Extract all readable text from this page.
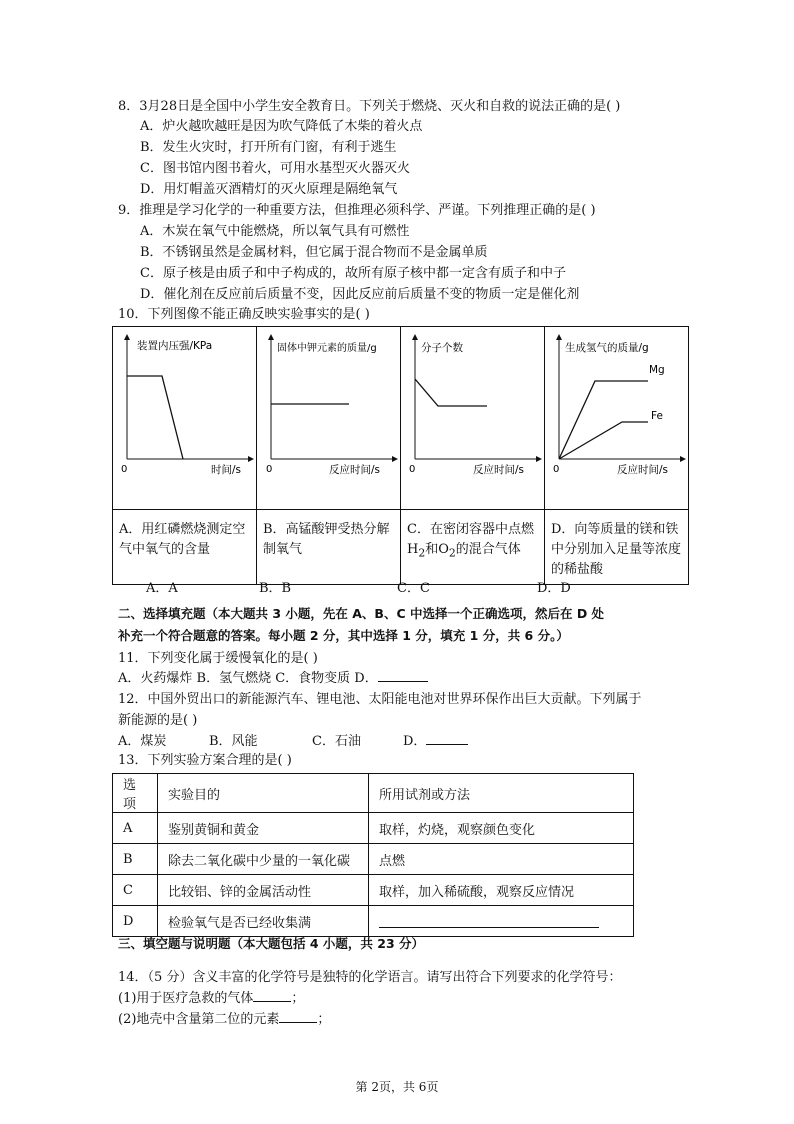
8．3月28日是全国中小学生安全教育日。下列关于燃烧、灭火和自救的说法正确的是( )
A．炉火越吹越旺是因为吹气降低了木柴的着火点
B．发生火灾时，打开所有门窗，有利于逃生
C．图书馆内图书着火，可用水基型灭火器灭火
D．用灯帽盖灭酒精灯的灭火原理是隔绝氧气
9．推理是学习化学的一种重要方法，但推理必须科学、严谨。下列推理正确的是( )
A．木炭在氧气中能燃烧，所以氧气具有可燃性
B．不锈钢虽然是金属材料，但它属于混合物而不是金属单质
C．原子核是由质子和中子构成的，故所有原子核中都一定含有质子和中子
D．催化剂在反应前后质量不变，因此反应前后质量不变的物质一定是催化剂
10．下列图像不能正确反映实验事实的是( )
装置内压强/KPa
0 时间/s	固体中钾元素的质量/g
0 反应时间/s	分子个数
0 反应时间/s	生成氢气的质量/g
Mg
Fe
0 反应时间/s

A．用红磷燃烧测定空气中氧气的含量	B．高锰酸钾受热分解制氧气	C．在密闭容器中点燃$H_2$和$O_2$的混合气体	D．向等质量的镁和铁中分别加入足量等浓度的稀盐酸
A．A	B．B	C．C	D．D
二、选择填充题（本大题共 3 小题，先在 A、B、C 中选择一个正确选项，然后在 D 处
补充一个符合题意的答案。每小题 2 分，其中选择 1 分，填充 1 分，共 6 分。）
11．下列变化属于缓慢氧化的是( )
A．火药爆炸 B．氢气燃烧 C．食物变质 D．
12．中国外贸出口的新能源汽车、锂电池、太阳能电池对世界环保作出巨大贡献。下列属于
新能源的是( )
A．煤炭	B．风能	C．石油	D．
13．下列实验方案合理的是( )
选项	实验目的	所用试剂或方法
A	鉴别黄铜和黄金	取样，灼烧，观察颜色变化
B	除去二氧化碳中少量的一氧化碳	点燃
C	比较铝、锌的金属活动性	取样，加入稀硫酸，观察反应情况
D	检验氧气是否已经收集满	
三、填空题与说明题（本大题包括 4 小题，共 23 分）
14．（5 分）含义丰富的化学符号是独特的化学语言。请写出符合下列要求的化学符号：
(1)用于医疗急救的气体	；
(2)地壳中含量第二位的元素	；
第 2页，共 6页
